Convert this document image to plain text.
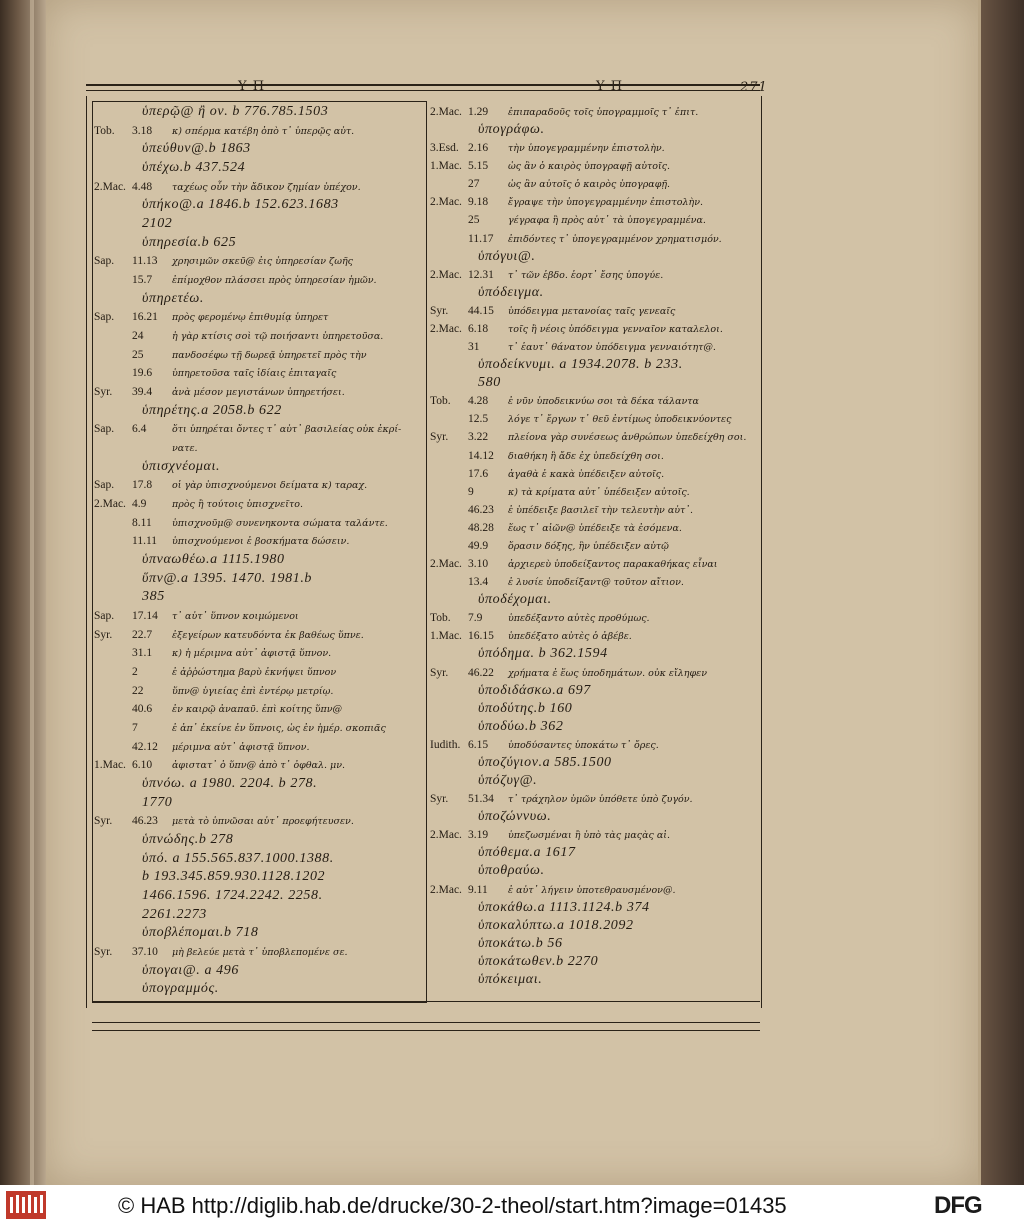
Υ Π	Υ Π	271
ὑπερῷ@ ἢ ον. b 776.785.1503
Tob. 3.18 κ) σπέρμα κατέβη ὁπὸ τ᾽ ὑπερῷς αὐτ.
ὑπεύθυν@.b 1863
ὑπέχω.b 437.524
2.Mac. 4.48 ταχέως οὖν τὴν ἄδικον ζημίαν ὑπέχον.
ὑπήκο@.a 1846.b 152.623.1683
2102
ὑπηρεσία.b 625
Sap. 11.13 χρησιμῶν σκεῦ@ ἐις ὑπηρεσίαν ζωῆς
15.7 ἐπίμοχθον πλάσσει πρὸς ὑπηρεσίαν ἡμῶν.
ὑπηρετέω.
Sap. 16.21 πρὸς φερομένῳ ἐπιθυμίᾳ ὑπηρετ
24	ἡ γὰρ κτίσις σοὶ τῷ ποιήσαντι ὑπηρετοῦσα.
25	πανδοσέφω τῇ δωρεᾷ ὑπηρετεῖ πρὸς τὴν
19.6 ὑπηρετοῦσα ταῖς ἰδίαις ἐπιταγαῖς
Syr. 39.4 ἀνὰ μέσον μεγιστάνων ὑπηρετήσει.
ὑπηρέτης.a 2058.b 622
Sap. 6.4	ὅτι ὑπηρέται ὄντες τ᾽ αὐτ᾽ βασιλείας οὐκ ἐκρί-
νατε.
ὑπισχνέομαι.
Sap. 17.8 οἱ γὰρ ὑπισχνούμενοι δείματα κ) ταραχ.
2.Mac. 4.9	πρὸς ἢ τούτοις ὑπισχνεῖτο.
8.11 ὑπισχνοῦμ@ συνενηκοντα σώματα ταλάντε.
11.11 ὑπισχνούμενοι ἐ βοσκήματα δώσειν.
ὑπναωθέω.a 1115.1980
ὕπν@.a 1395. 1470. 1981.b
385
Sap. 17.14 τ᾽ αὐτ᾽ ὕπνον κοιμώμενοι
Syr. 22.7 ἐξεγείρων κατευδόντα ἐκ βαθέως ὕπνε.
31.1 κ) ἡ μέριμνα αὐτ᾽ ἀφιστᾷ ὕπνον.
2	ἐ ἀῤῥώστημα βαρὺ ἐκνήψει ὕπνον
22	ὕπν@ ὑγιείας ἐπὶ ἐντέρῳ μετρίῳ.
40.6 ἐν καιρῷ ἀναπαῦ. ἐπὶ κοίτης ὕπν@
7	ἐ ἀπ᾽ ἐκείνε ἐν ὕπνοις, ὡς ἐν ἡμέρ. σκοπιᾶς
42.12 μέριμνα αὐτ᾽ ἀφιστᾷ ὕπνον.
1.Mac. 6.10 ἀφιστατ᾽ ὁ ὕπν@ ἀπὸ τ᾽ ὀφθαλ. μν.
ὑπνόω. a 1980. 2204. b 278.
1770
Syr. 46.23 μετὰ τὸ ὑπνῶσαι αὐτ᾽ προεφήτευσεν.
ὑπνώδης.b 278
ὑπό. a 155.565.837.1000.1388.
b 193.345.859.930.1128.1202
1466.1596. 1724.2242. 2258.
2261.2273
ὑποβλέπομαι.b 718
Syr. 37.10 μὴ βελεύε μετὰ τ᾽ ὑποβλεπομένε σε.
ὑπογαι@. a 496
ὑπογραμμός.
2.Mac. 1.29 ἐπιπαραδοῦς τοῖς ὑπογραμμοῖς τ᾽ ἐπιτ.
ὑπογράφω.
3.Esd. 2.16 τὴν ὑπογεγραμμένην ἐπιστολὴν.
1.Mac. 5.15 ὡς ἂν ὁ καιρὸς ὑπογραφῇ αὐτοῖς.
27	ὡς ἂν αὐτοῖς ὁ καιρὸς ὑπογραφῇ.
2.Mac. 9.18 ἔγραψε τὴν ὑπογεγραμμένην ἐπιστολὴν.
25	γέγραφα ἢ πρὸς αὐτ᾽ τὰ ὑπογεγραμμένα.
11.17 ἐπιδόντες τ᾽ ὑπογεγραμμένον χρηματισμόν.
ὑπόγυι@.
2.Mac. 12.31 τ᾽ τῶν ἑβδο. ἑορτ᾽ ἔσης ὑπογύε.
ὑπόδειγμα.
Syr. 44.15 ὑπόδειγμα μετανοίας ταῖς γενεαῖς
2.Mac. 6.18 τοῖς ἢ νέοις ὑπόδειγμα γενναῖον καταλελοι.
31	τ᾽ ἑαυτ᾽ θάνατον ὑπόδειγμα γενναιότητ@.
ὑποδείκνυμι. a 1934.2078. b 233.
580
Tob. 4.28 ἐ νῦν ὑποδεικνύω σοι τὰ δέκα τάλαντα
12.5 λόγε τ᾽ ἔργων τ᾽ θεῦ ἐντίμως ὑποδεικνύοντες
Syr. 3.22 πλείονα γὰρ συνέσεως ἀνθρώπων ὑπεδείχθη σοι.
14.12 διαθήκη ἢ ἄδε ἐχ ὑπεδείχθη σοι.
17.6 ἀγαθὰ ἐ κακὰ ὑπέδειξεν αὐτοῖς.
9	κ) τὰ κρίματα αὐτ᾽ ὑπέδειξεν αὐτοῖς.
46.23 ἐ ὑπέδειξε βασιλεῖ τὴν τελευτὴν αὐτ᾽.
48.28 ἕως τ᾽ αἰῶν@ ὑπέδειξε τὰ ἐσόμενα.
49.9 ὅρασιν δόξης, ἣν ὑπέδειξεν αὐτῷ
2.Mac. 3.10 ἀρχιερεὺ ὑποδείξαντος παρακαθήκας εἶναι
13.4 ἐ λυσίε ὑποδείξαντ@ τοῦτον αἴτιον.
ὑποδέχομαι.
Tob. 7.9	ὑπεδέξαντο αὐτὲς προθύμως.
1.Mac. 16.15 ὑπεδέξατο αὐτὲς ὁ ἀβέβε.
ὑπόδημα. b 362.1594
Syr. 46.22 χρήματα ἐ ἕως ὑποδημάτων. οὐκ εἴληφεν
ὑποδιδάσκω.a 697
ὑποδύτης.b 160
ὑποδύω.b 362
Iudith. 6.15 ὑποδύσαντες ὑποκάτω τ᾽ ὄρες.
ὑποζύγιον.a 585.1500
ὑπόζυγ@.
Syr. 51.34 τ᾽ τράχηλον ὑμῶν ὑπόθετε ὑπὸ ζυγόν.
ὑποζώννυω.
2.Mac. 3.19 ὑπεζωσμέναι ἢ ὑπὸ τὰς μαςὰς αἱ.
ὑπόθεμα.a 1617
ὑποθραύω.
2.Mac. 9.11 ἐ αὐτ᾽ λήγειν ὑποτεθραυσμένον@.
ὑποκάθω.a 1113.1124.b 374
ὑποκαλύπτω.a 1018.2092
ὑποκάτω.b 56
ὑποκάτωθεν.b 2270
ὑπόκειμαι.
© HAB http://diglib.hab.de/drucke/30-2-theol/start.htm?image=01435	DFG
